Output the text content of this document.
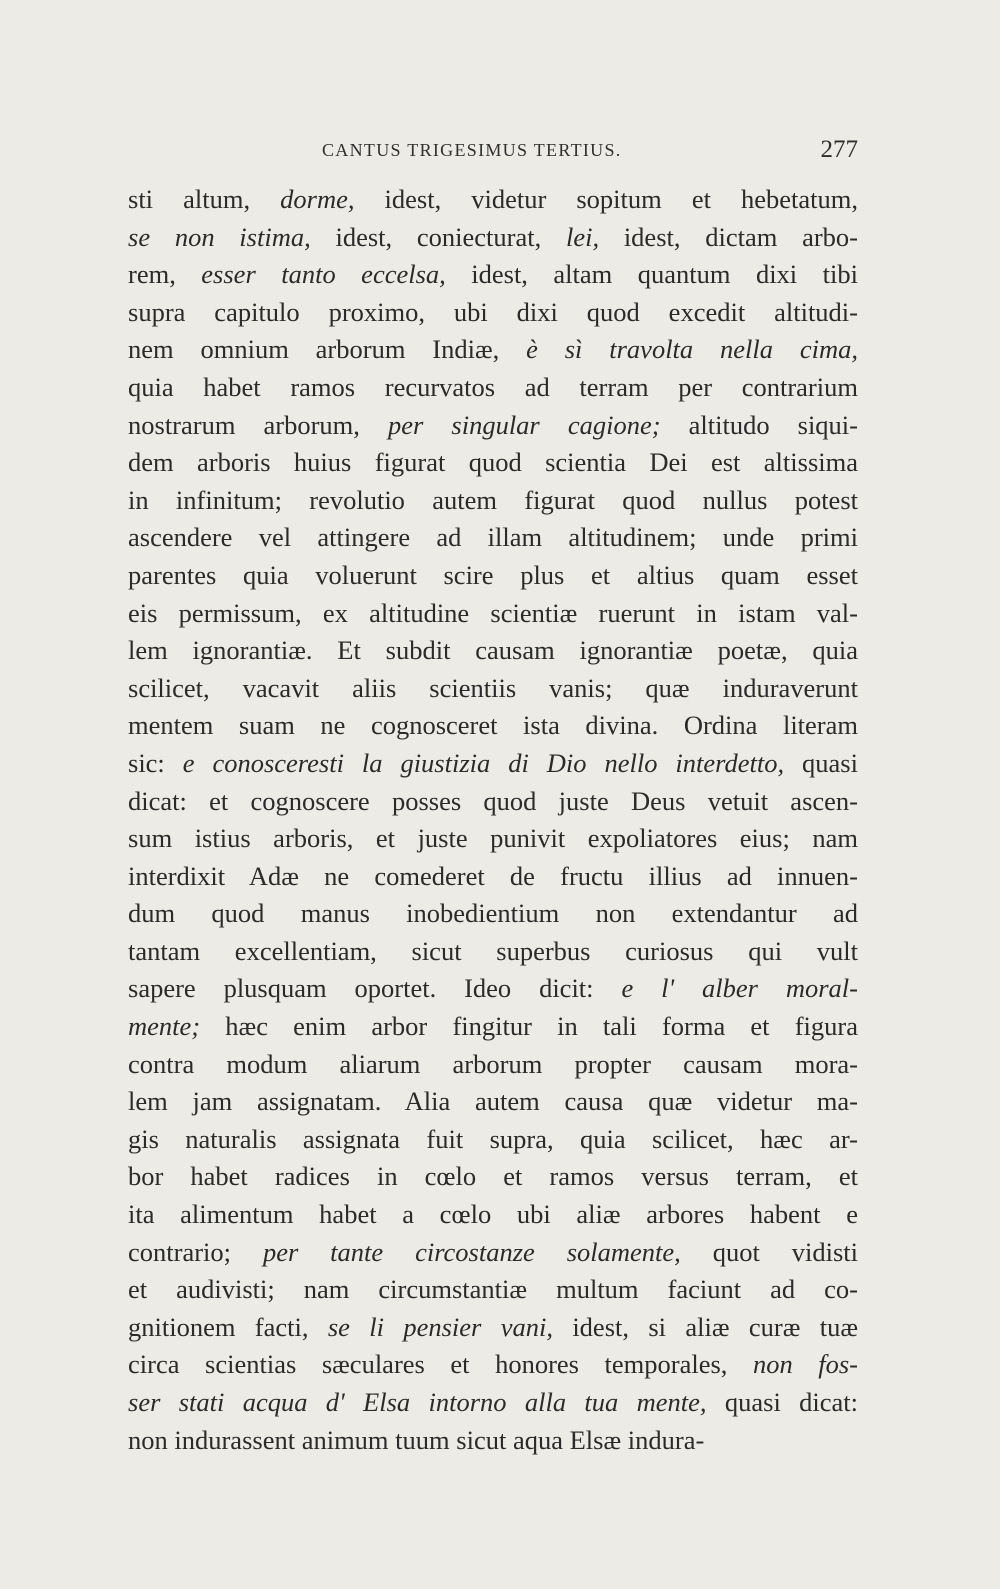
CANTUS TRIGESIMUS TERTIUS.	277
sti altum, dorme, idest, videtur sopitum et hebetatum,
se non istima, idest, coniecturat, lei, idest, dictam arbo-
rem, esser tanto eccelsa, idest, altam quantum dixi tibi
supra capitulo proximo, ubi dixi quod excedit altitudi-
nem omnium arborum Indiæ, è sì travolta nella cima,
quia habet ramos recurvatos ad terram per contrarium
nostrarum arborum, per singular cagione; altitudo siqui-
dem arboris huius figurat quod scientia Dei est altissima
in infinitum; revolutio autem figurat quod nullus potest
ascendere vel attingere ad illam altitudinem; unde primi
parentes quia voluerunt scire plus et altius quam esset
eis permissum, ex altitudine scientiæ ruerunt in istam val-
lem ignorantiæ. Et subdit causam ignorantiæ poetæ, quia
scilicet, vacavit aliis scientiis vanis; quæ induraverunt
mentem suam ne cognosceret ista divina. Ordina literam
sic: e conosceresti la giustizia di Dio nello interdetto, quasi
dicat: et cognoscere posses quod juste Deus vetuit ascen-
sum istius arboris, et juste punivit expoliatores eius; nam
interdixit Adæ ne comederet de fructu illius ad innuen-
dum quod manus inobedientium non extendantur ad
tantam excellentiam, sicut superbus curiosus qui vult
sapere plusquam oportet. Ideo dicit: e l' alber moral-
mente; hæc enim arbor fingitur in tali forma et figura
contra modum aliarum arborum propter causam mora-
lem jam assignatam. Alia autem causa quæ videtur ma-
gis naturalis assignata fuit supra, quia scilicet, hæc ar-
bor habet radices in cœlo et ramos versus terram, et
ita alimentum habet a cœlo ubi aliæ arbores habent e
contrario; per tante circostanze solamente, quot vidisti
et audivisti; nam circumstantiæ multum faciunt ad co-
gnitionem facti, se li pensier vani, idest, si aliæ curæ tuæ
circa scientias sæculares et honores temporales, non fos-
ser stati acqua d' Elsa intorno alla tua mente, quasi dicat:
non indurassent animum tuum sicut aqua Elsæ indura-
